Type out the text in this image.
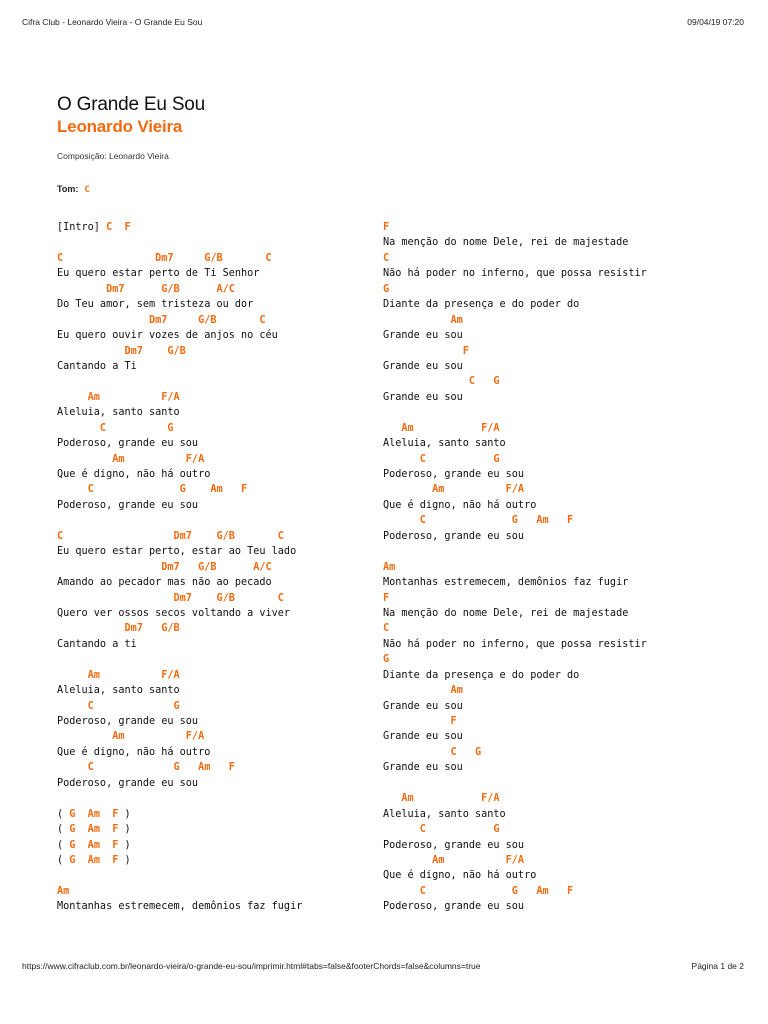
Cifra Club - Leonardo Vieira - O Grande Eu Sou	09/04/19 07:20
O Grande Eu Sou
Leonardo Vieira
Composição: Leonardo Vieira
Tom: C
[Intro] C  F
C               Dm7     G/B       C
Eu quero estar perto de Ti Senhor
Dm7      G/B      A/C
Do Teu amor, sem tristeza ou dor
Dm7     G/B       C
Eu quero ouvir vozes de anjos no céu
Dm7    G/B
Cantando a Ti
Am          F/A
Aleluia, santo santo
C          G
Poderoso, grande eu sou
Am          F/A
Que é digno, não há outro
C              G    Am   F
Poderoso, grande eu sou
C                  Dm7    G/B       C
Eu quero estar perto, estar ao Teu lado
Dm7   G/B      A/C
Amando ao pecador mas não ao pecado
Dm7    G/B       C
Quero ver ossos secos voltando a viver
Dm7   G/B
Cantando a ti
Am          F/A
Aleluia, santo santo
C             G
Poderoso, grande eu sou
Am          F/A
Que é digno, não há outro
C             G   Am   F
Poderoso, grande eu sou
( G  Am  F )
( G  Am  F )
( G  Am  F )
( G  Am  F )
Am
Montanhas estremecem, demônios faz fugir
F
Na menção do nome Dele, rei de majestade
C
Não há poder no inferno, que possa resistir
G
Diante da presença e do poder do
Am
Grande eu sou
F
Grande eu sou
C   G
Grande eu sou
Am           F/A
Aleluia, santo santo
C           G
Poderoso, grande eu sou
Am          F/A
Que é digno, não há outro
C              G   Am   F
Poderoso, grande eu sou
Am
Montanhas estremecem, demônios faz fugir
F
Na menção do nome Dele, rei de majestade
C
Não há poder no inferno, que possa resistir
G
Diante da presença e do poder do
Am
Grande eu sou
F
Grande eu sou
C   G
Grande eu sou
Am           F/A
Aleluia, santo santo
C           G
Poderoso, grande eu sou
Am          F/A
Que é digno, não há outro
C              G   Am   F
Poderoso, grande eu sou
https://www.cifraclub.com.br/leonardo-vieira/o-grande-eu-sou/imprimir.html#tabs=false&footerChords=false&columns=true	Página 1 de 2
